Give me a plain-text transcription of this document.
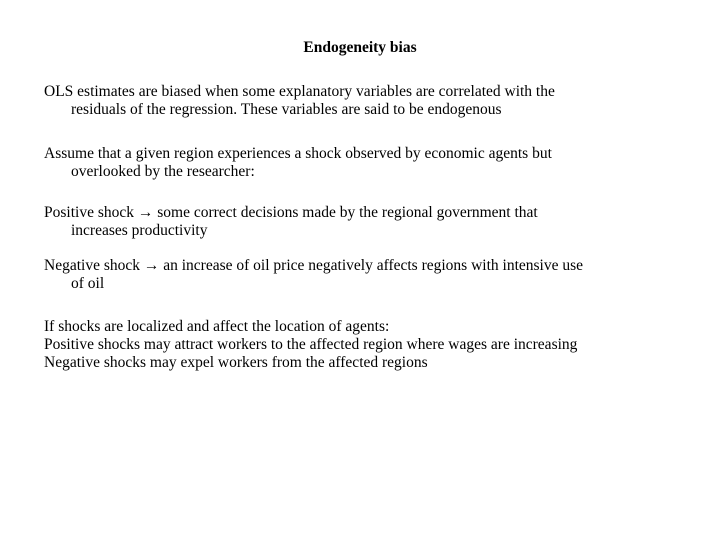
Endogeneity bias

OLS estimates are biased when some explanatory variables are correlated with the
residuals of the regression. These variables are said to be endogenous

Assume that a given region experiences a shock observed by economic agents but
overlooked by the researcher:

Positive shock → some correct decisions made by the regional government that
increases productivity

Negative shock → an increase of oil price negatively affects regions with intensive use
of oil

If shocks are localized and affect the location of agents:
Positive shocks may attract workers to the affected region where wages are increasing
Negative shocks may expel workers from the affected regions
